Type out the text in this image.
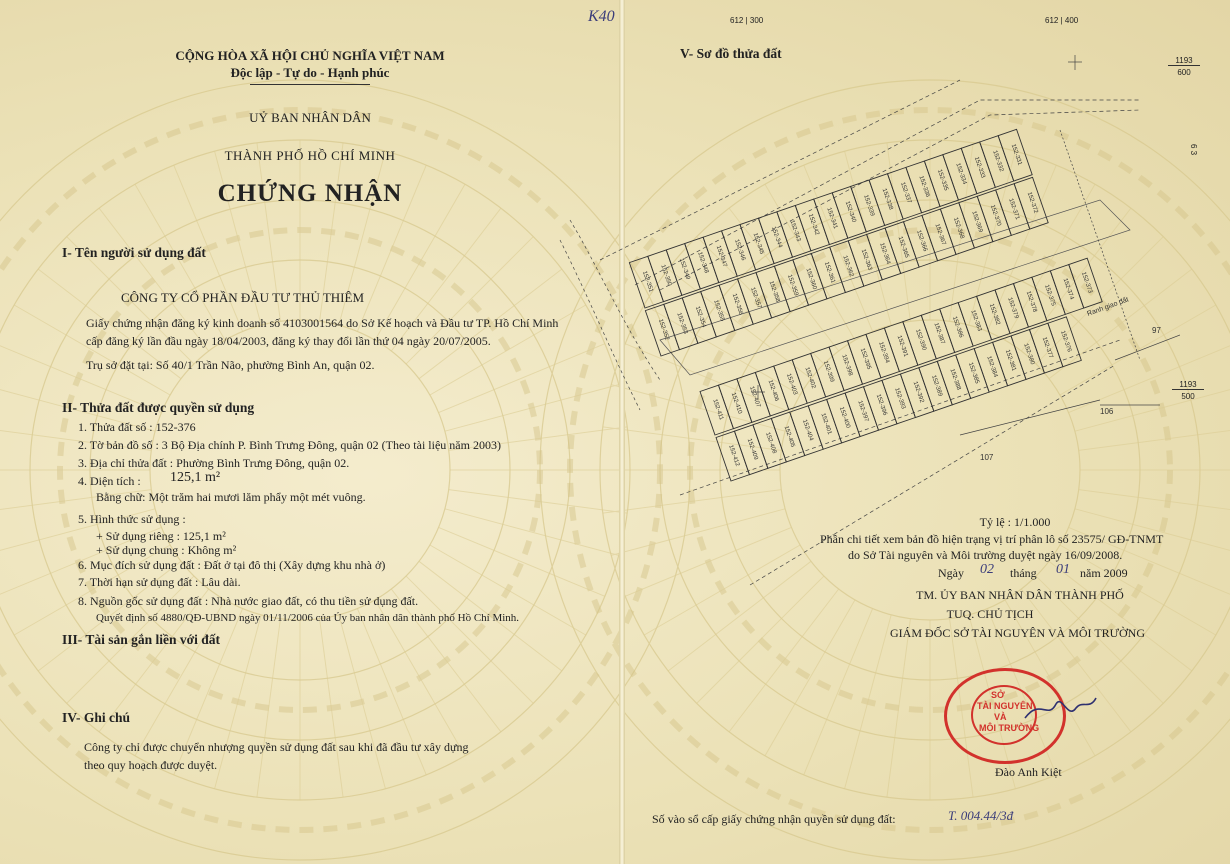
CỘNG HÒA XÃ HỘI CHỦ NGHĨA VIỆT NAM
Độc lập - Tự do - Hạnh phúc
UỶ BAN NHÂN DÂN
THÀNH PHỐ HỒ CHÍ MINH
CHỨNG NHẬN
I- Tên người sử dụng đất
CÔNG TY CỔ PHẦN ĐẦU TƯ THỦ THIÊM
Giấy chứng nhận đăng ký kinh doanh số 4103001564 do Sở Kế hoạch và Đầu tư TP. Hồ Chí Minh
cấp đăng ký lần đầu ngày 18/04/2003, đăng ký thay đổi lần thứ 04 ngày 20/07/2005.
Trụ sở đặt tại: Số 40/1 Trần Não, phường Bình An, quận 02.
II- Thửa đất được quyền sử dụng
1. Thửa đất số : 152-376
2. Tờ bản đồ số : 3 Bộ Địa chính P. Bình Trưng Đông, quận 02 (Theo tài liệu năm 2003)
3. Địa chỉ thửa đất : Phường Bình Trưng Đông, quận 02.
4. Diện tích : 125,1 m²
Bằng chữ: Một trăm hai mươi lăm phẩy một mét vuông.
5. Hình thức sử dụng :
+ Sử dụng riêng : 125,1 m²
+ Sử dụng chung : Không m²
6. Mục đích sử dụng đất : Đất ở tại đô thị (Xây dựng khu nhà ở)
7. Thời hạn sử dụng đất : Lâu dài.
8. Nguồn gốc sử dụng đất : Nhà nước giao đất, có thu tiền sử dụng đất.
Quyết định số 4880/QĐ-UBND ngày 01/11/2006 của Ủy ban nhân dân thành phố Hồ Chí Minh.
III- Tài sản gắn liền với đất
IV- Ghi chú
Công ty chỉ được chuyển nhượng quyền sử dụng đất sau khi đã đầu tư xây dựng
theo quy hoạch được duyệt.
K40
V- Sơ đồ thửa đất
612 | 300	612 | 400
1193
600
1193
500
6 3
152-351 152-350 152-349 152-348 152-347 152-346 152-345 152-344 152-343 152-342 152-341 152-340 152-339 152-338 152-337 152-336 152-335 152-334 152-333 152-332 152-331
152-352 152-353 152-354 152-355 152-356 152-357 152-358 152-359 152-360 152-361 152-362 152-363 152-364 152-365 152-366 152-367 152-368 152-369 152-370 152-371 152-372
152-411 152-410 152-407 152-406 152-403 152-402 152-399 152-398 152-395 152-394 152-391 152-390 152-387 152-386 152-383 152-382 152-379 152-378 152-375 152-374 152-373
152-412 152-409 152-408 152-405 152-404 152-401 152-400 152-397 152-396 152-393 152-392 152-389 152-388 152-385 152-384 152-381 152-380 152-377 152-376
Ranh giao đất
97
106
107
Tỷ lệ : 1/1.000
Phần chi tiết xem bản đồ hiện trạng vị trí phân lô số 23575/ GĐ-TNMT
do Sở Tài nguyên và Môi trường duyệt ngày 16/09/2008.
Ngày 02 tháng 01 năm 2009
TM. ỦY BAN NHÂN DÂN THÀNH PHỐ
TUQ. CHỦ TỊCH
GIÁM ĐỐC SỞ TÀI NGUYÊN VÀ MÔI TRƯỜNG
SỞ
TÀI NGUYÊN
VÀ
MÔI TRƯỜNG
Đào Anh Kiệt
Số vào sổ cấp giấy chứng nhận quyền sử dụng đất:	T. 004.44/3đ
